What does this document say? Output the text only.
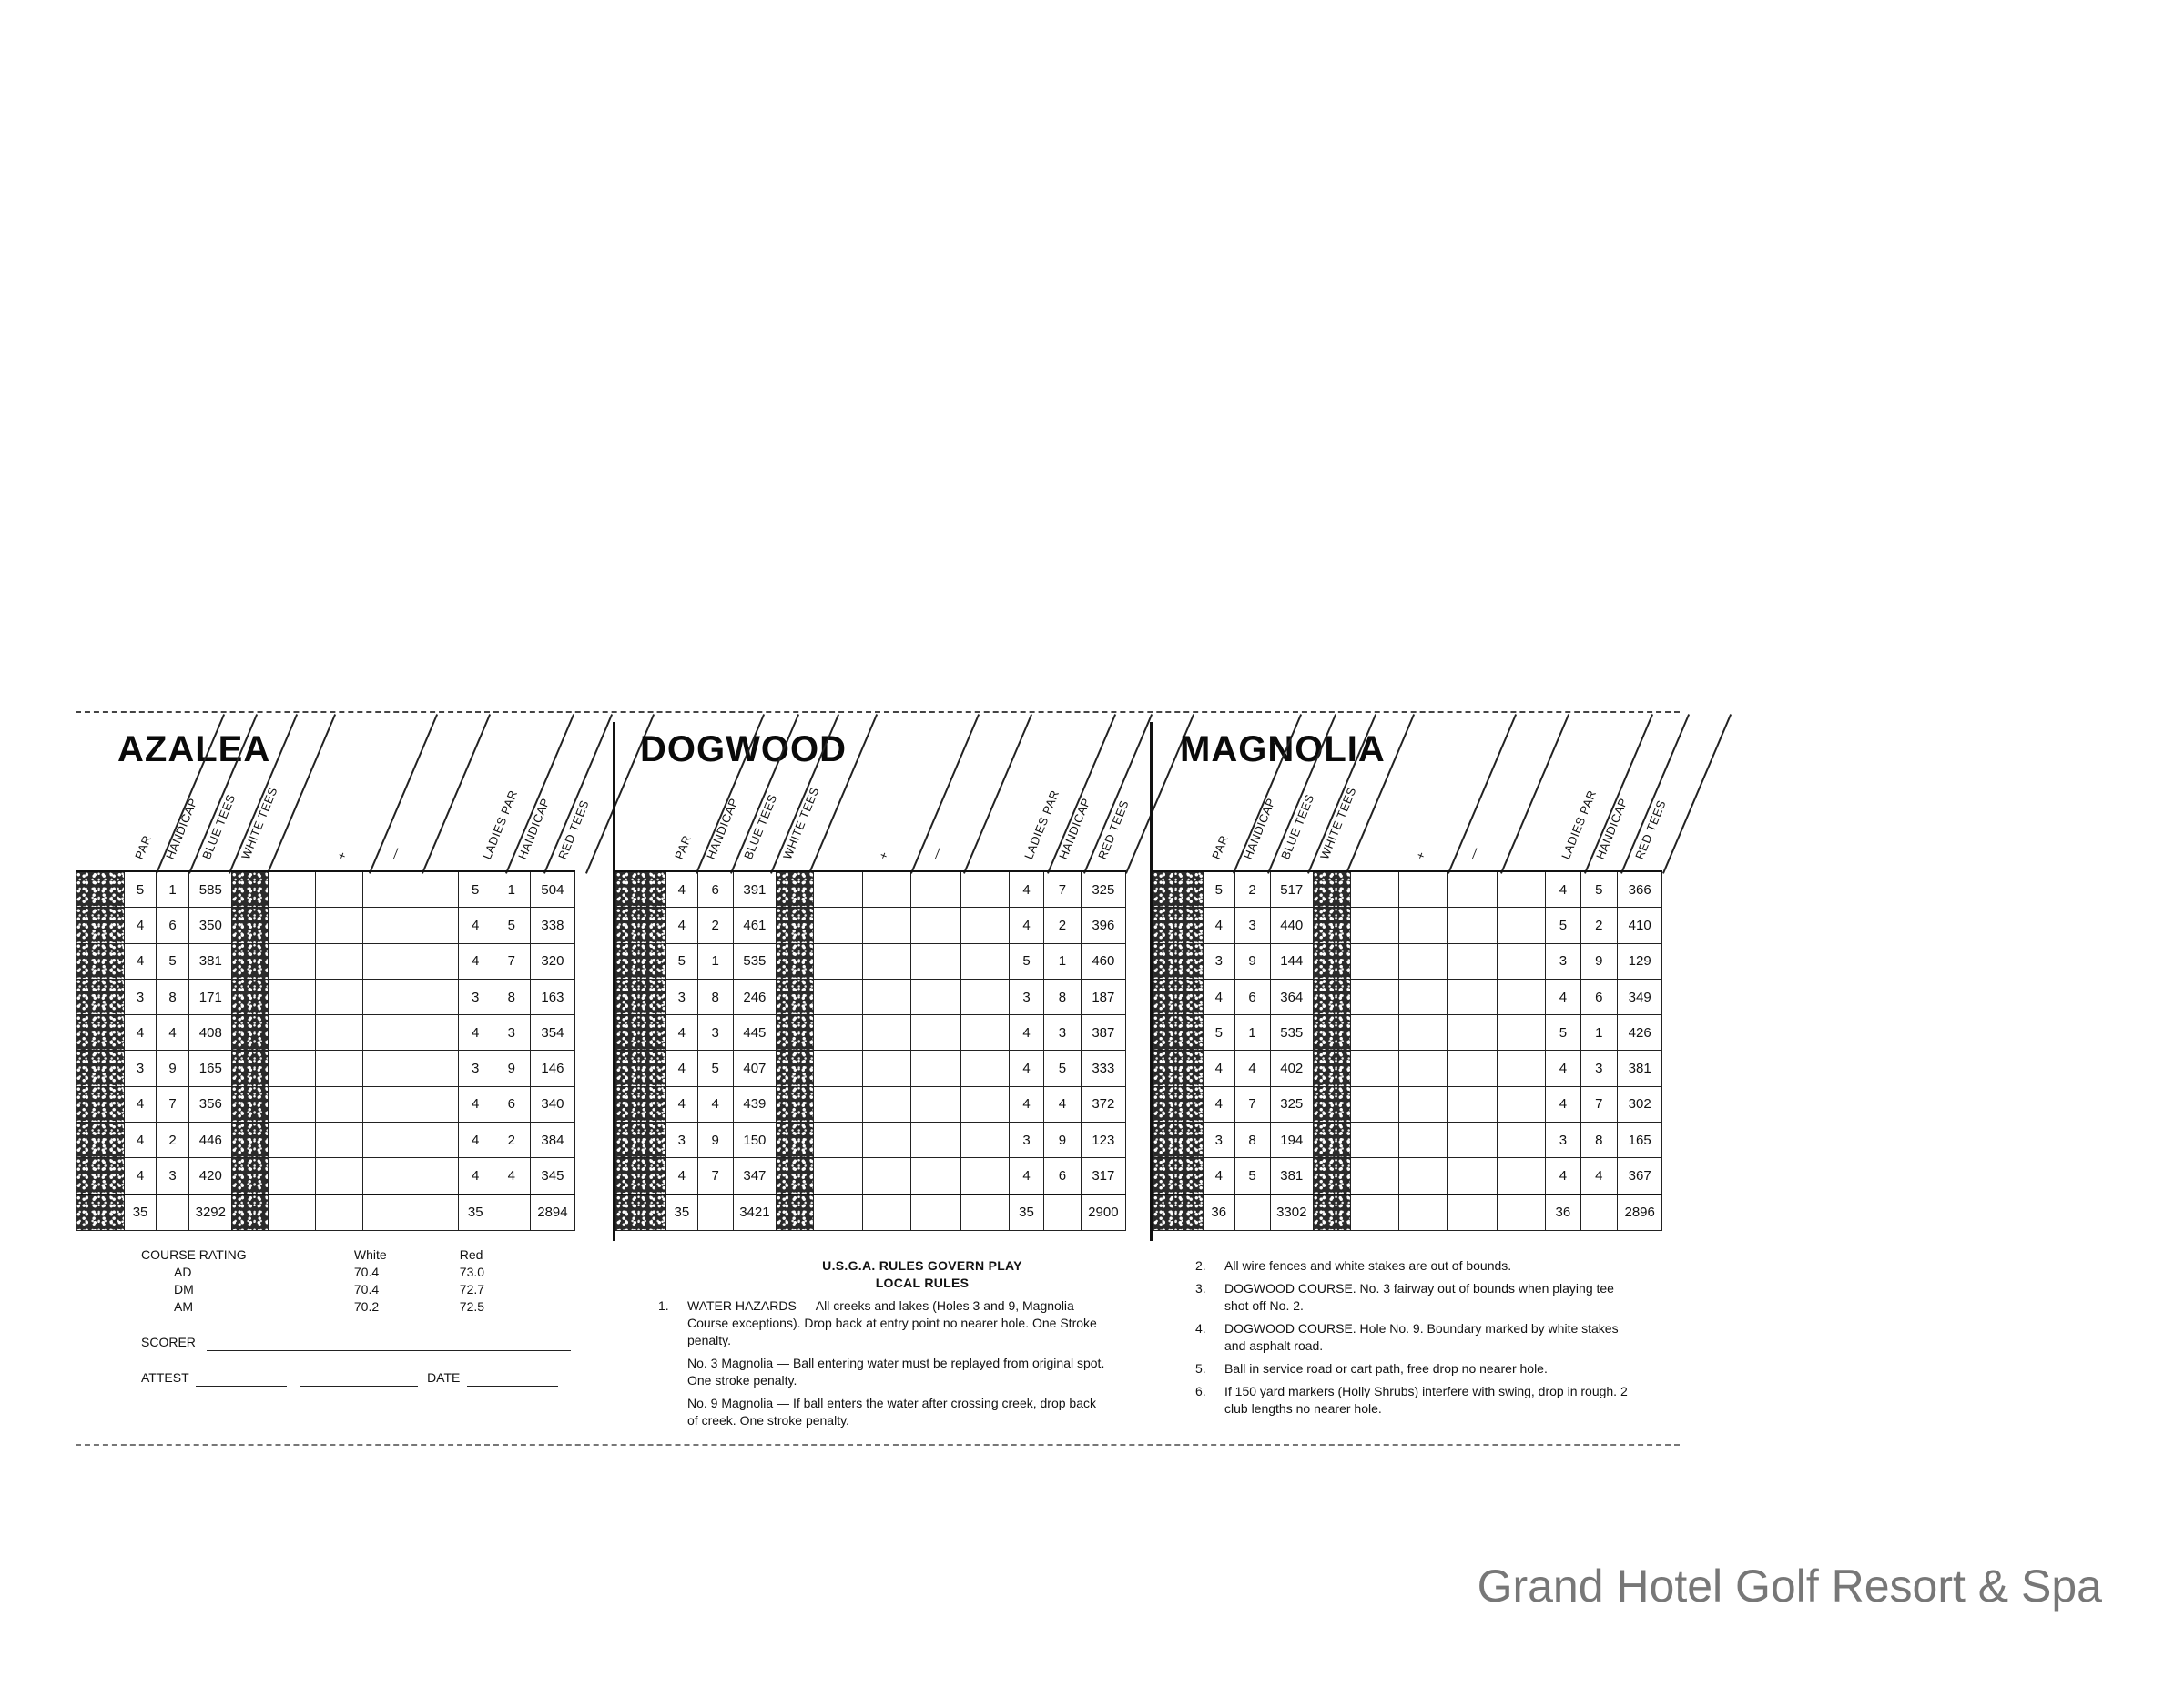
AZALEA
PAR HANDICAP BLUE TEES WHITE TEES	+	—	LADIES PAR
HANDICAP RED TEES
	5	1	585						5	1	504	
	4	6	350						4	5	338	
	4	5	381						4	7	320	
	3	8	171						3	8	163	
	4	4	408						4	3	354	
	3	9	165						3	9	146	
	4	7	356						4	6	340	
	4	2	446						4	2	384	
	4	3	420						4	4	345	
	35		3292						35		2894	
DOGWOOD
PAR HANDICAP BLUE TEES WHITE TEES	+	—	LADIES PAR
HANDICAP RED TEES
	4	6	391						4	7	325	
	4	2	461						4	2	396	
	5	1	535						5	1	460	
	3	8	246						3	8	187	
	4	3	445						4	3	387	
	4	5	407						4	5	333	
	4	4	439						4	4	372	
	3	9	150						3	9	123	
	4	7	347						4	6	317	
	35		3421						35		2900	
MAGNOLIA
PAR HANDICAP BLUE TEES WHITE TEES	+	—	LADIES PAR
HANDICAP RED TEES
	5	2	517						4	5	366	
	4	3	440						5	2	410	
	3	9	144						3	9	129	
	4	6	364						4	6	349	
	5	1	535						5	1	426	
	4	4	402						4	3	381	
	4	7	325						4	7	302	
	3	8	194						3	8	165	
	4	5	381						4	4	367	
	36		3302						36		2896	
COURSE RATING	White	Red
AD	70.4	73.0
DM	70.4	72.7
AM	70.2	72.5
SCORER
ATTEST	DATE
U.S.G.A. RULES GOVERN PLAY
LOCAL RULES
1.	WATER HAZARDS — All creeks and lakes (Holes 3 and 9, Magnolia Course exceptions). Drop back at entry point no nearer hole. One Stroke penalty.
No. 3 Magnolia — Ball entering water must be replayed from original spot. One stroke penalty.
No. 9 Magnolia — If ball enters the water after crossing creek, drop back of creek. One stroke penalty.
2.	All wire fences and white stakes are out of bounds.
3.	DOGWOOD COURSE. No. 3 fairway out of bounds when playing tee shot off No. 2.
4.	DOGWOOD COURSE. Hole No. 9. Boundary marked by white stakes and asphalt road.
5.	Ball in service road or cart path, free drop no nearer hole.
6.	If 150 yard markers (Holly Shrubs) interfere with swing, drop in rough. 2 club lengths no nearer hole.
Grand Hotel Golf Resort & Spa
